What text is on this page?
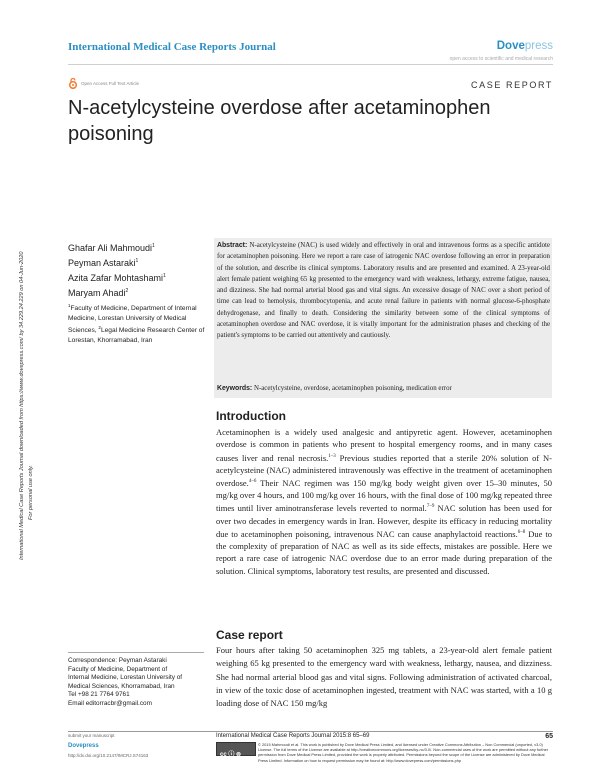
International Medical Case Reports Journal	Dovepress
open access to scientific and medical research
Open Access Full Text Article	CASE REPORT
N-acetylcysteine overdose after acetaminophen poisoning
International Medical Case Reports Journal downloaded from https://www.dovepress.com/ by 34.229.24.229 on 04-Jun-2020 For personal use only.
Ghafar Ali Mahmoudi$^1$
Peyman Astaraki$^1$
Azita Zafar Mohtashami$^1$
Maryam Ahadi$^2$
$^1$Faculty of Medicine, Department of Internal Medicine, Lorestan University of Medical Sciences, $^2$Legal Medicine Research Center of Lorestan, Khorramabad, Iran
Correspondence: Peyman Astaraki
Faculty of Medicine, Department of
Internal Medicine, Lorestan University of
Medical Sciences, Khorramabad, Iran
Tel +98 21 7764 9761
Email editorracbr@gmail.com
Abstract: N-acetylcysteine (NAC) is used widely and effectively in oral and intravenous forms as a specific antidote for acetaminophen poisoning. Here we report a rare case of iatrogenic NAC overdose following an error in preparation of the solution, and describe its clinical symptoms. Laboratory results and are presented and examined. A 23-year-old alert female patient weighing 65 kg presented to the emergency ward with weakness, lethargy, extreme fatigue, nausea, and dizziness. She had normal arterial blood gas and vital signs. An excessive dosage of NAC over a short period of time can lead to hemolysis, thrombocytopenia, and acute renal failure in patients with normal glucose-6-phosphate dehydrogenase, and finally to death. Considering the similarity between some of the clinical symptoms of acetaminophen overdose and NAC overdose, it is vitally important for the administration phases and checking of the patient's symptoms to be carried out attentively and cautiously.
Keywords: N-acetylcysteine, overdose, acetaminophen poisoning, medication error
Introduction
Acetaminophen is a widely used analgesic and antipyretic agent. However, acetaminophen overdose is common in patients who present to hospital emergency rooms, and in many cases causes liver and renal necrosis.$^{1-3}$ Previous studies reported that a sterile 20% solution of N-acetylcysteine (NAC) administered intravenously was effective in the treatment of acetaminophen overdose.$^{4-6}$ Their NAC regimen was 150 mg/kg body weight given over 15–30 minutes, 50 mg/kg over 4 hours, and 100 mg/kg over 16 hours, with the final dose of 100 mg/kg repeated three times until liver aminotransferase levels reverted to normal.$^{7-9}$ NAC solution has been used for over two decades in emergency wards in Iran. However, despite its efficacy in reducing mortality due to acetaminophen poisoning, intravenous NAC can cause anaphylactoid reactions.$^{6-8}$ Due to the complexity of preparation of NAC as well as its side effects, mistakes are possible. Here we report a rare case of iatrogenic NAC overdose due to an error made during preparation of the solution. Clinical symptoms, laboratory test results, are presented and discussed.
Case report
Four hours after taking 50 acetaminophen 325 mg tablets, a 23-year-old alert female patient weighing 65 kg presented to the emergency ward with weakness, lethargy, nausea, and dizziness. She had normal arterial blood gas and vital signs. Following administration of activated charcoal, in view of the toxic dose of acetaminophen ingested, treatment with NAC was started, with a 10 g loading dose of NAC 150 mg/kg
submit your manuscript
Dovepress
http://dx.doi.org/10.2147/IMCRJ.S74163
International Medical Case Reports Journal 2015:8 65–69	65
cc ⓘ ⊜
© 2015 Mahmoudi et al. This work is published by Dove Medical Press Limited, and licensed under Creative Commons Attribution – Non Commercial (unported, v3.0) License. The full terms of the License are available at http://creativecommons.org/licenses/by-nc/3.0/. Non-commercial uses of the work are permitted without any further permission from Dove Medical Press Limited, provided the work is properly attributed. Permissions beyond the scope of the License are administered by Dove Medical Press Limited. Information on how to request permission may be found at: http://www.dovepress.com/permissions.php
